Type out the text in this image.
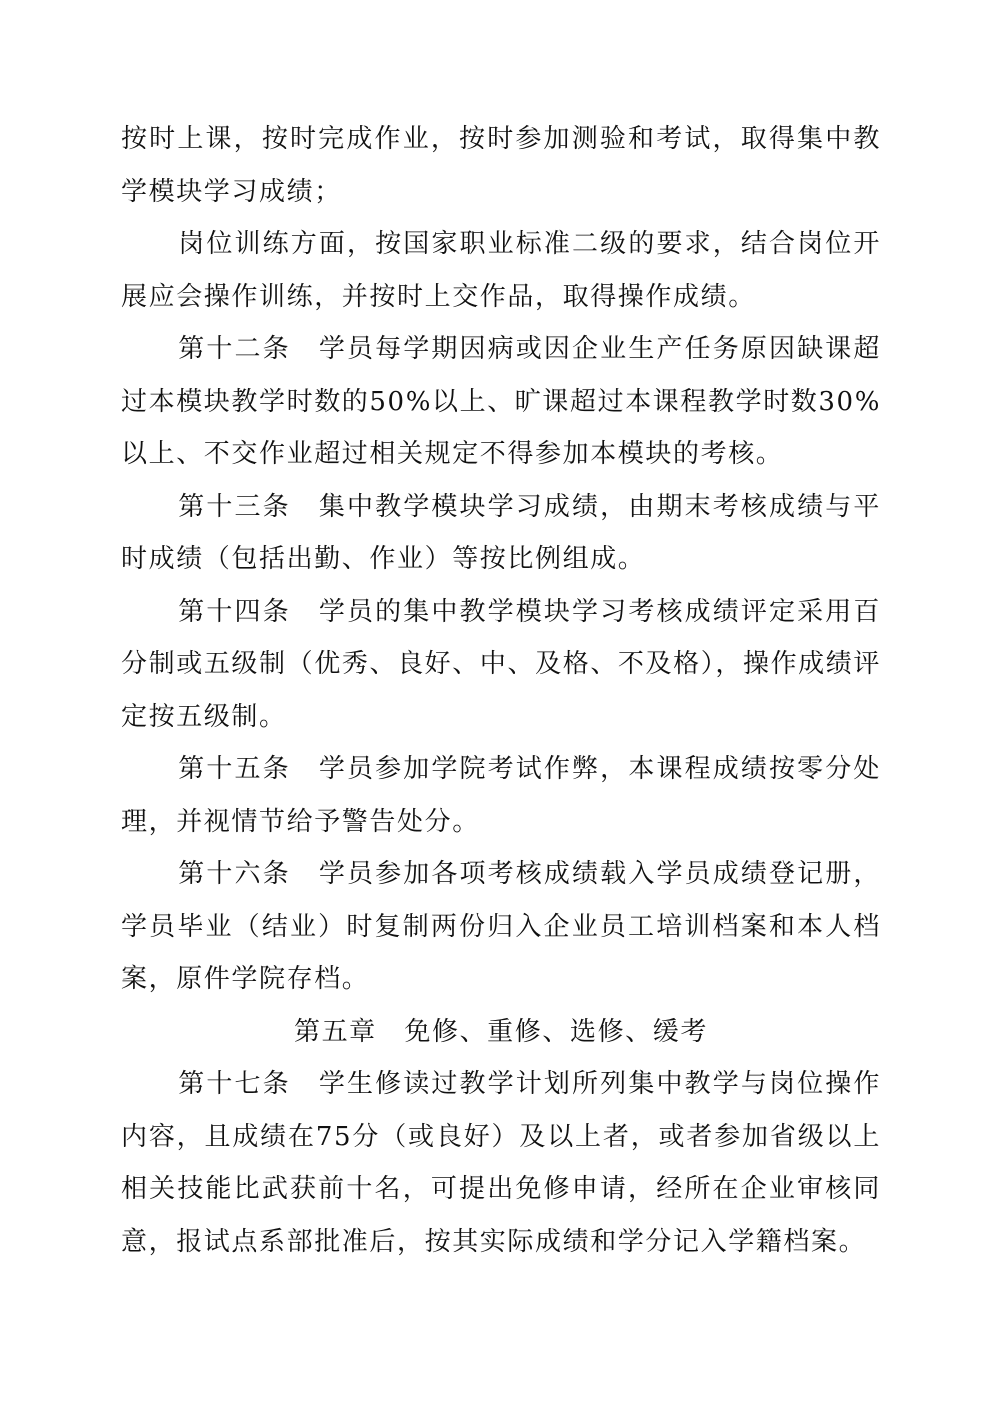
按时上课，按时完成作业，按时参加测验和考试，取得集中教学模块学习成绩；

岗位训练方面，按国家职业标准二级的要求，结合岗位开展应会操作训练，并按时上交作品，取得操作成绩。

第十二条　学员每学期因病或因企业生产任务原因缺课超过本模块教学时数的50%以上、旷课超过本课程教学时数30%以上、不交作业超过相关规定不得参加本模块的考核。

第十三条　集中教学模块学习成绩，由期末考核成绩与平时成绩（包括出勤、作业）等按比例组成。

第十四条　学员的集中教学模块学习考核成绩评定采用百分制或五级制（优秀、良好、中、及格、不及格），操作成绩评定按五级制。

第十五条　学员参加学院考试作弊，本课程成绩按零分处理，并视情节给予警告处分。

第十六条　学员参加各项考核成绩载入学员成绩登记册，学员毕业（结业）时复制两份归入企业员工培训档案和本人档案，原件学院存档。

第五章　免修、重修、选修、缓考

第十七条　学生修读过教学计划所列集中教学与岗位操作内容，且成绩在75分（或良好）及以上者，或者参加省级以上相关技能比武获前十名，可提出免修申请，经所在企业审核同意，报试点系部批准后，按其实际成绩和学分记入学籍档案。
